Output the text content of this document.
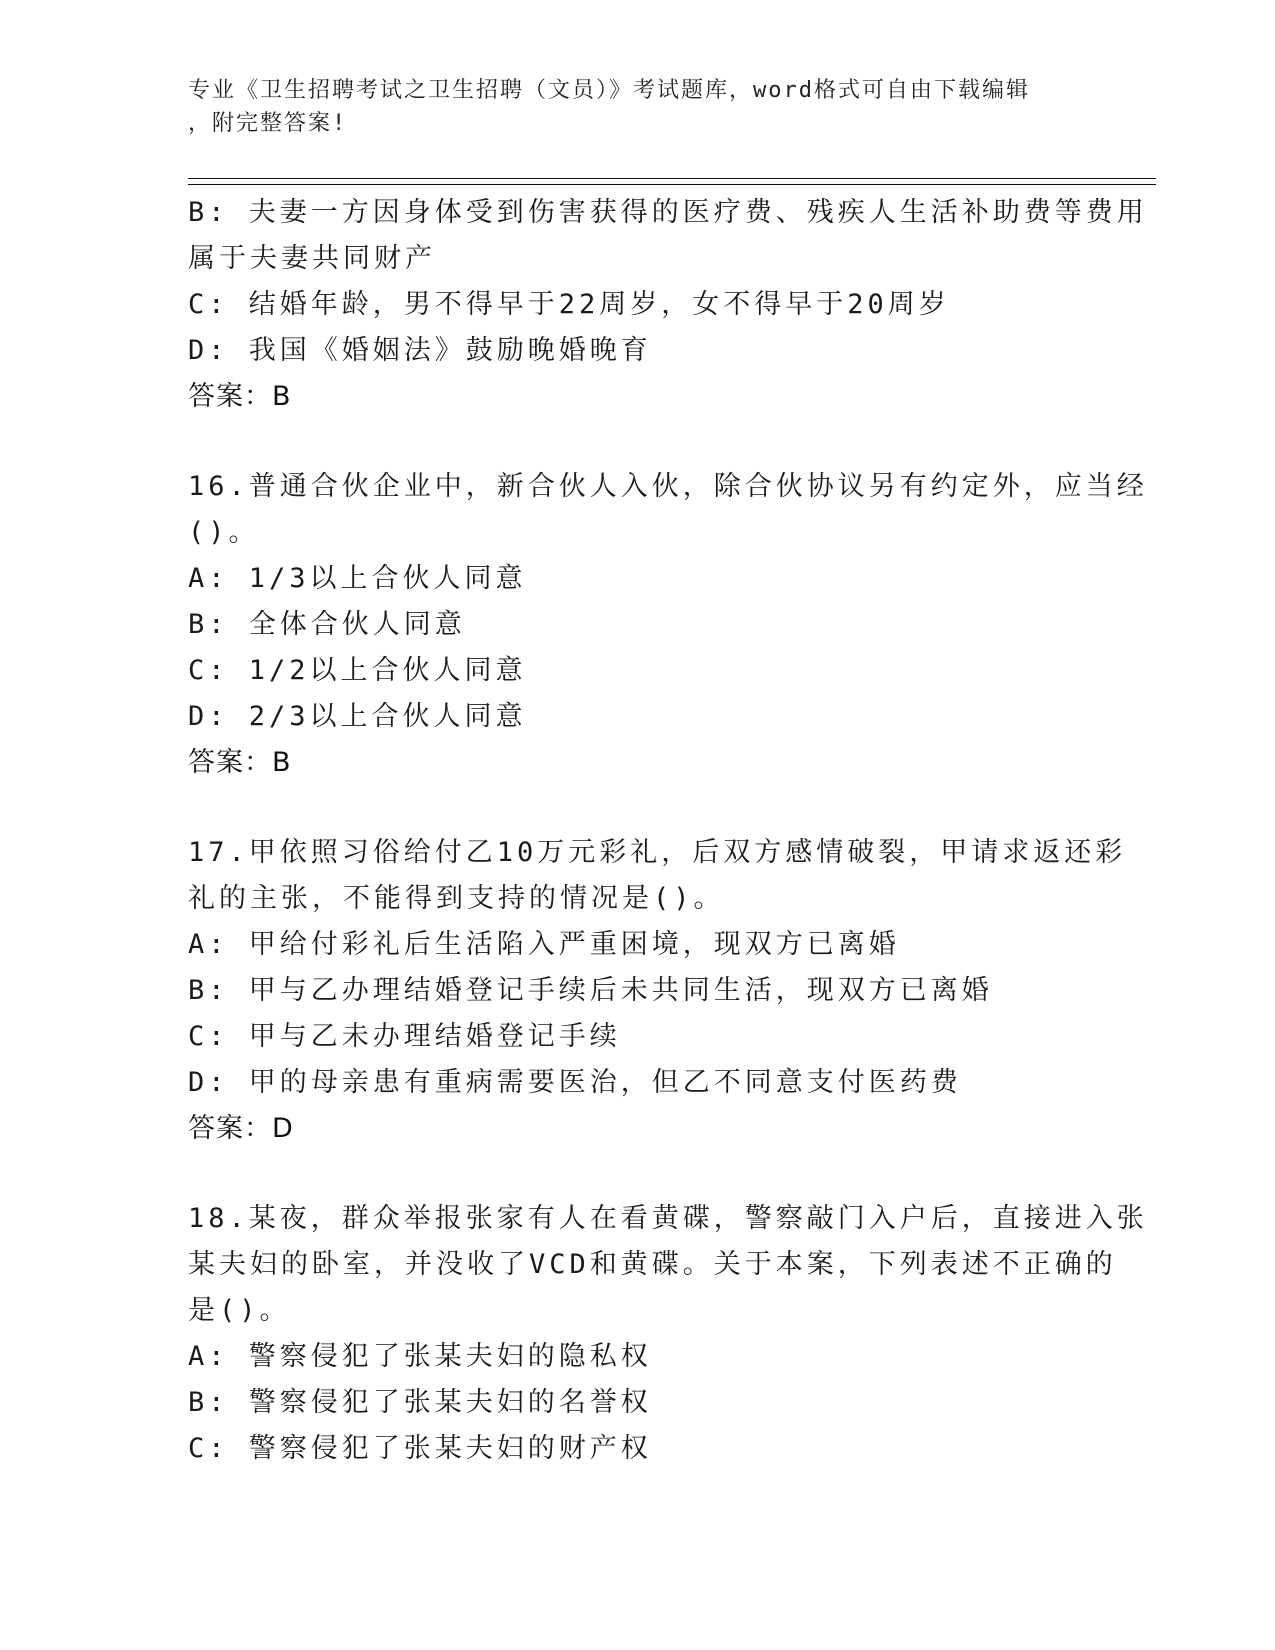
专业《卫生招聘考试之卫生招聘（文员）》考试题库，word格式可自由下载编辑
，附完整答案!
B: 夫妻一方因身体受到伤害获得的医疗费、残疾人生活补助费等费用
属于夫妻共同财产
C: 结婚年龄，男不得早于22周岁，女不得早于20周岁
D: 我国《婚姻法》鼓励晚婚晚育
答案：B
16.普通合伙企业中，新合伙人入伙，除合伙协议另有约定外，应当经
()。
A: 1/3以上合伙人同意
B: 全体合伙人同意
C: 1/2以上合伙人同意
D: 2/3以上合伙人同意
答案：B
17.甲依照习俗给付乙10万元彩礼，后双方感情破裂，甲请求返还彩
礼的主张，不能得到支持的情况是()。
A: 甲给付彩礼后生活陷入严重困境，现双方已离婚
B: 甲与乙办理结婚登记手续后未共同生活，现双方已离婚
C: 甲与乙未办理结婚登记手续
D: 甲的母亲患有重病需要医治，但乙不同意支付医药费
答案：D
18.某夜，群众举报张家有人在看黄碟，警察敲门入户后，直接进入张
某夫妇的卧室，并没收了VCD和黄碟。关于本案，下列表述不正确的
是()。
A: 警察侵犯了张某夫妇的隐私权
B: 警察侵犯了张某夫妇的名誉权
C: 警察侵犯了张某夫妇的财产权
